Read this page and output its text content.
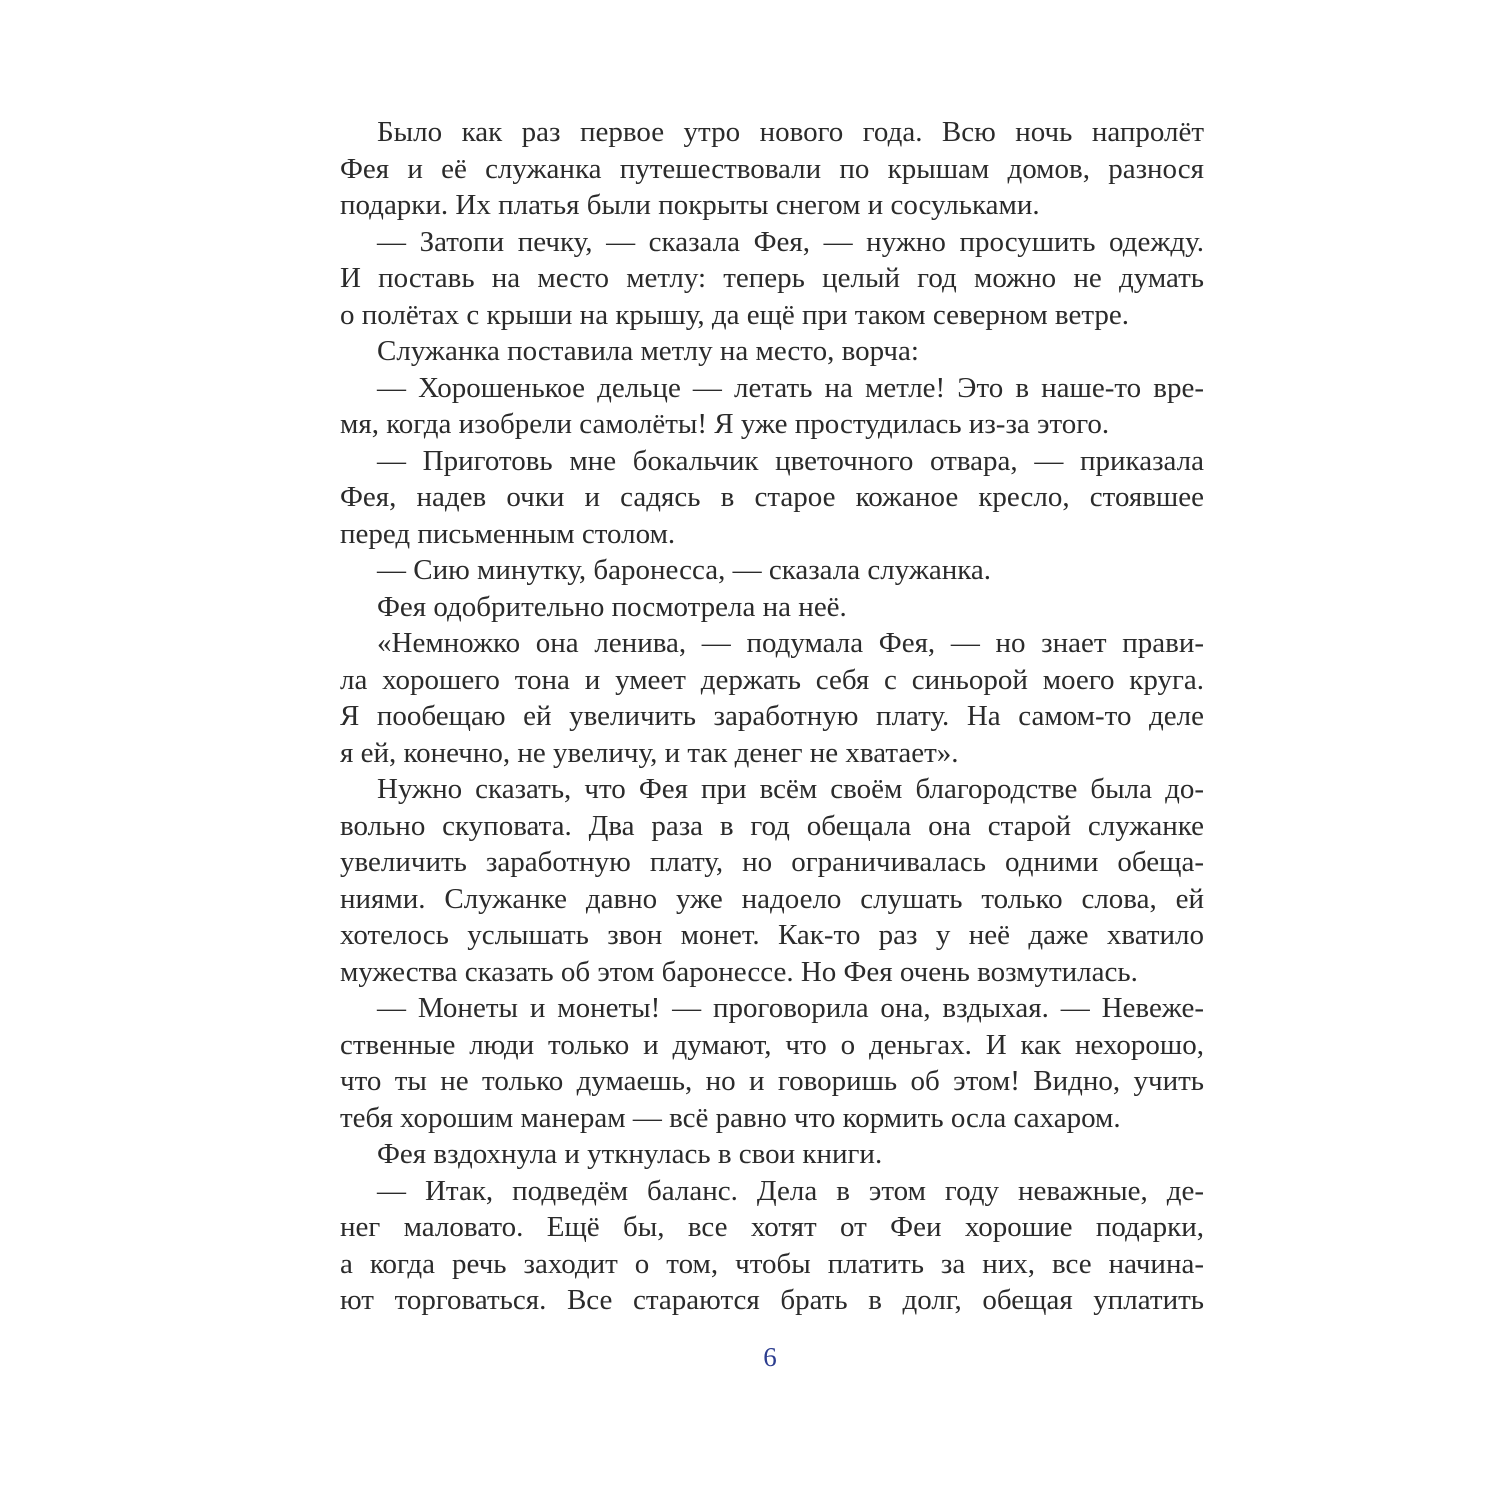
Было как раз первое утро нового года. Всю ночь напролёт
Фея и её служанка путешествовали по крышам домов, разнося
подарки. Их платья были покрыты снегом и сосульками.
— Затопи печку, — сказала Фея, — нужно просушить одежду.
И поставь на место метлу: теперь целый год можно не думать
о полётах с крыши на крышу, да ещё при таком северном ветре.
Служанка поставила метлу на место, ворча:
— Хорошенькое дельце — летать на метле! Это в наше-то вре-
мя, когда изобрели самолёты! Я уже простудилась из-за этого.
— Приготовь мне бокальчик цветочного отвара, — приказала
Фея, надев очки и садясь в старое кожаное кресло, стоявшее
перед письменным столом.
— Сию минутку, баронесса, — сказала служанка.
Фея одобрительно посмотрела на неё.
«Немножко она ленива, — подумала Фея, — но знает прави-
ла хорошего тона и умеет держать себя с синьорой моего круга.
Я пообещаю ей увеличить заработную плату. На самом-то деле
я ей, конечно, не увеличу, и так денег не хватает».
Нужно сказать, что Фея при всём своём благородстве была до-
вольно скуповата. Два раза в год обещала она старой служанке
увеличить заработную плату, но ограничивалась одними обеща-
ниями. Служанке давно уже надоело слушать только слова, ей
хотелось услышать звон монет. Как-то раз у неё даже хватило
мужества сказать об этом баронессе. Но Фея очень возмутилась.
— Монеты и монеты! — проговорила она, вздыхая. — Невеже-
ственные люди только и думают, что о деньгах. И как нехорошо,
что ты не только думаешь, но и говоришь об этом! Видно, учить
тебя хорошим манерам — всё равно что кормить осла сахаром.
Фея вздохнула и уткнулась в свои книги.
— Итак, подведём баланс. Дела в этом году неважные, де-
нег маловато. Ещё бы, все хотят от Феи хорошие подарки,
а когда речь заходит о том, чтобы платить за них, все начина-
ют торговаться. Все стараются брать в долг, обещая уплатить
6
